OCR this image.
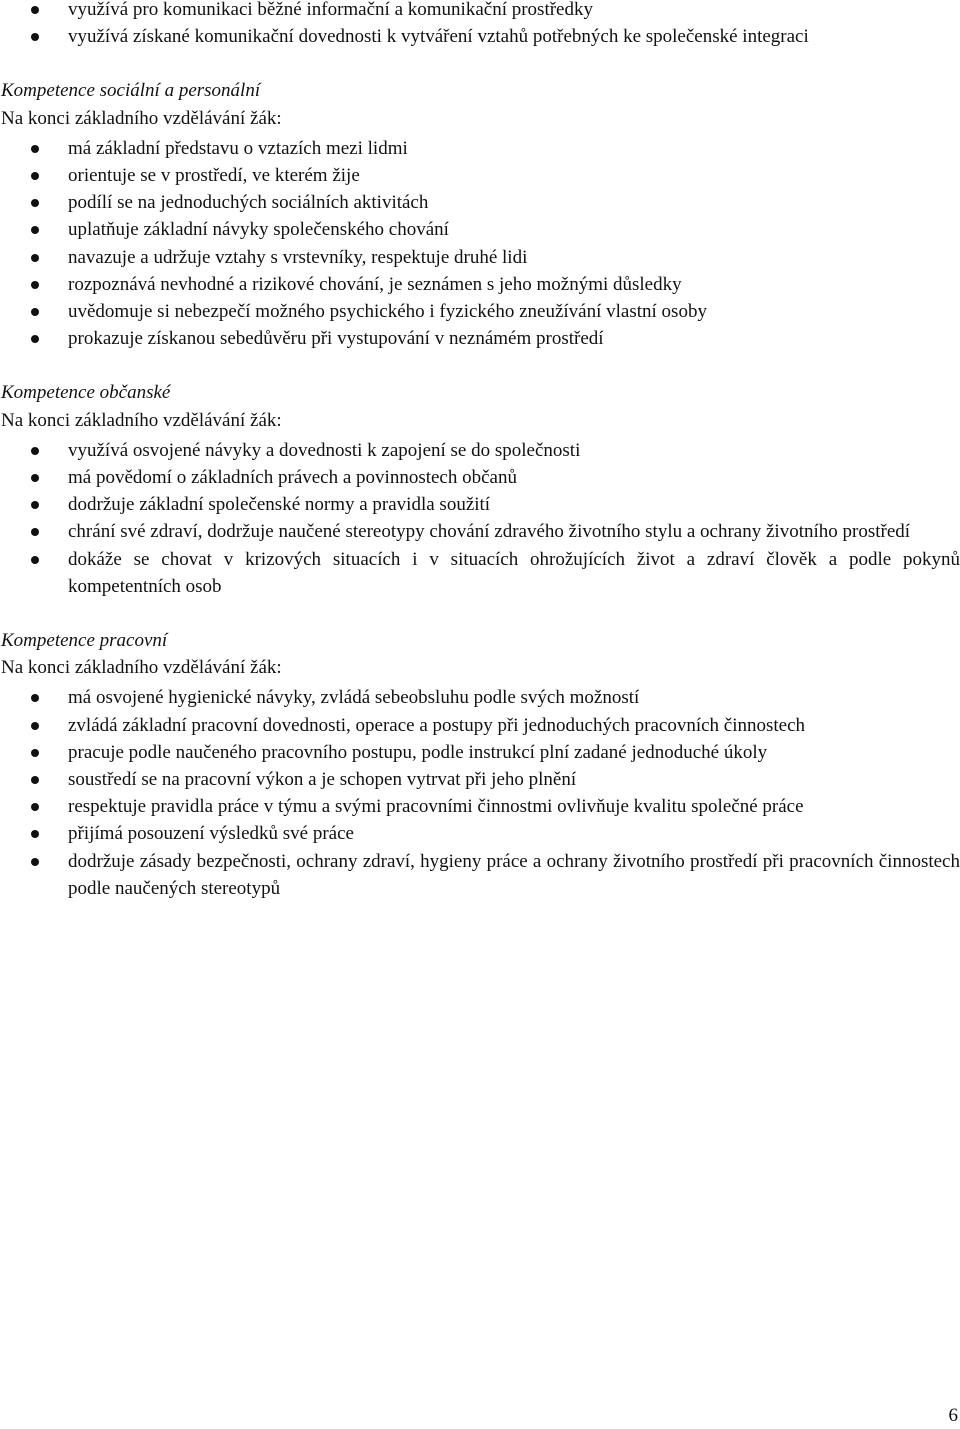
využívá pro komunikaci běžné informační a komunikační prostředky
využívá získané komunikační dovednosti k vytváření vztahů potřebných ke společenské integraci

Kompetence sociální a personální

Na konci základního vzdělávání žák:

má základní představu o vztazích mezi lidmi
orientuje se v prostředí, ve kterém žije
podílí se na jednoduchých sociálních aktivitách
uplatňuje základní návyky společenského chování
navazuje a udržuje vztahy s vrstevníky, respektuje druhé lidi
rozpoznává nevhodné a rizikové chování, je seznámen s jeho možnými důsledky
uvědomuje si nebezpečí možného psychického i fyzického zneužívání vlastní osoby
prokazuje získanou sebedůvěru při vystupování v neznámém prostředí

Kompetence občanské

Na konci základního vzdělávání žák:

využívá osvojené návyky a dovednosti k zapojení se do společnosti
má povědomí o základních právech a povinnostech občanů
dodržuje základní společenské normy a pravidla soužití
chrání své zdraví, dodržuje naučené stereotypy chování zdravého životního stylu a ochrany životního prostředí
dokáže se chovat v krizových situacích i v situacích ohrožujících život a zdraví člověk a podle pokynů kompetentních osob

Kompetence pracovní

Na konci základního vzdělávání žák:

má osvojené hygienické návyky, zvládá sebeobsluhu podle svých možností
zvládá základní pracovní dovednosti, operace a postupy při jednoduchých pracovních činnostech
pracuje podle naučeného pracovního postupu, podle instrukcí plní zadané jednoduché úkoly
soustředí se na pracovní výkon a je schopen vytrvat při jeho plnění
respektuje pravidla práce v týmu a svými pracovními činnostmi ovlivňuje kvalitu společné práce
přijímá posouzení výsledků své práce
dodržuje zásady bezpečnosti, ochrany zdraví, hygieny práce a ochrany životního prostředí při pracovních činnostech podle naučených stereotypů
6
